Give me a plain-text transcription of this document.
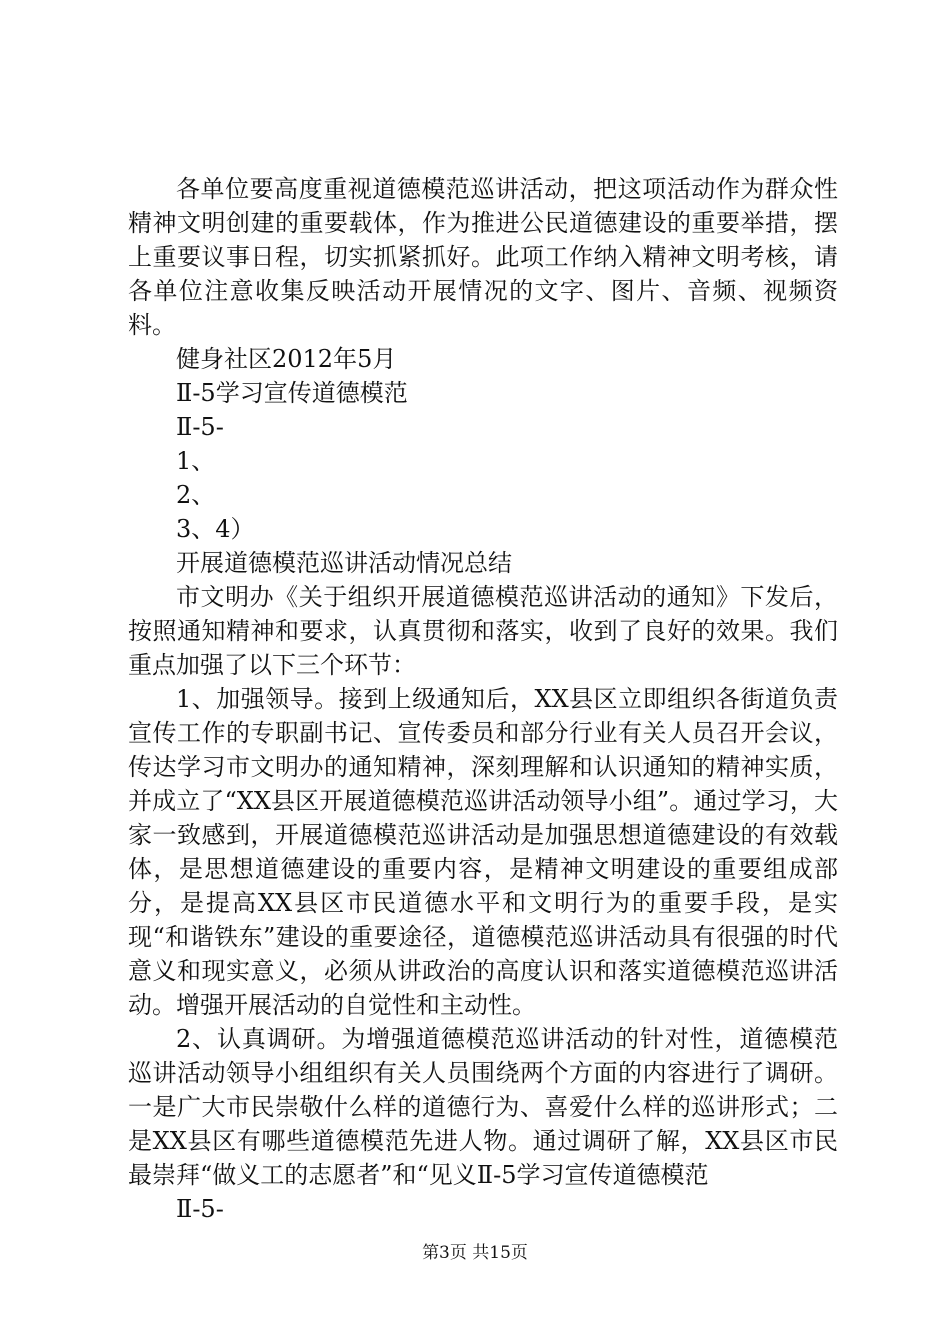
各单位要高度重视道德模范巡讲活动，把这项活动作为群众性精神文明创建的重要载体，作为推进公民道德建设的重要举措，摆上重要议事日程，切实抓紧抓好。此项工作纳入精神文明考核，请各单位注意收集反映活动开展情况的文字、图片、音频、视频资料。

健身社区2012年5月

Ⅱ-5学习宣传道德模范

Ⅱ-5-

1、

2、

3、4）

开展道德模范巡讲活动情况总结

市文明办《关于组织开展道德模范巡讲活动的通知》下发后，按照通知精神和要求，认真贯彻和落实，收到了良好的效果。我们重点加强了以下三个环节：

1、加强领导。接到上级通知后，XX县区立即组织各街道负责宣传工作的专职副书记、宣传委员和部分行业有关人员召开会议，传达学习市文明办的通知精神，深刻理解和认识通知的精神实质，并成立了“XX县区开展道德模范巡讲活动领导小组”。通过学习，大家一致感到，开展道德模范巡讲活动是加强思想道德建设的有效载体，是思想道德建设的重要内容，是精神文明建设的重要组成部分，是提高XX县区市民道德水平和文明行为的重要手段，是实现“和谐铁东”建设的重要途径，道德模范巡讲活动具有很强的时代意义和现实意义，必须从讲政治的高度认识和落实道德模范巡讲活动。增强开展活动的自觉性和主动性。

2、认真调研。为增强道德模范巡讲活动的针对性，道德模范巡讲活动领导小组组织有关人员围绕两个方面的内容进行了调研。一是广大市民崇敬什么样的道德行为、喜爱什么样的巡讲形式；二是XX县区有哪些道德模范先进人物。通过调研了解，XX县区市民最崇拜“做义工的志愿者”和“见义Ⅱ-5学习宣传道德模范

Ⅱ-5-

第3页 共15页
